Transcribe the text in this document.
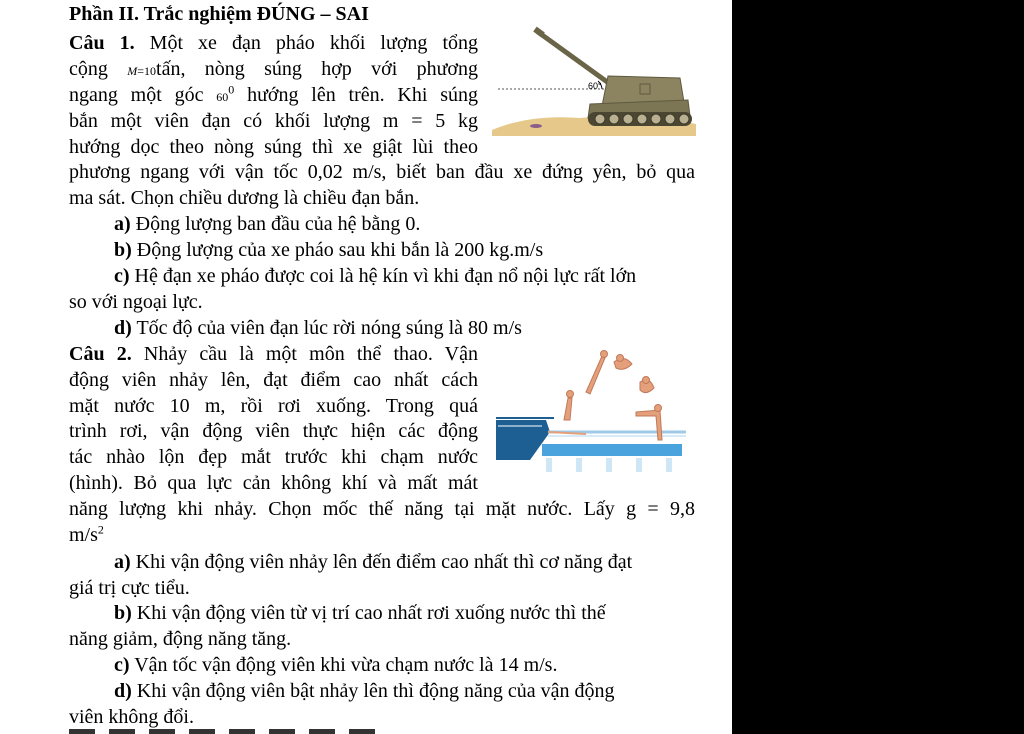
Phần II. Trắc nghiệm ĐÚNG – SAI

Câu 1. Một xe đạn pháo khối lượng tổng

cộng M=10tấn, nòng súng hợp với phương

ngang một góc $60^0$ hướng lên trên. Khi súng

bắn một viên đạn có khối lượng m = 5 kg

hướng dọc theo nòng súng thì xe giật lùi theo

phương ngang với vận tốc 0,02 m/s, biết ban đầu xe đứng yên, bỏ qua

ma sát. Chọn chiều dương là chiều đạn bắn.

a) Động lượng ban đầu của hệ bằng 0.

b) Động lượng của xe pháo sau khi bắn là 200 kg.m/s

c) Hệ đạn xe pháo được coi là hệ kín vì khi đạn nổ nội lực rất lớn

so với ngoại lực.

d) Tốc độ của viên đạn lúc rời nóng súng là 80 m/s

Câu 2. Nhảy cầu là một môn thể thao. Vận

động viên nhảy lên, đạt điểm cao nhất cách

mặt nước 10 m, rồi rơi xuống. Trong quá

trình rơi, vận động viên thực hiện các động

tác nhào lộn đẹp mắt trước khi chạm nước

(hình). Bỏ qua lực cản không khí và mất mát

năng lượng khi nhảy. Chọn mốc thế năng tại mặt nước. Lấy g = 9,8

$m/s^2$

a) Khi vận động viên nhảy lên đến điểm cao nhất thì cơ năng đạt

giá trị cực tiểu.

b) Khi vận động viên từ vị trí cao nhất rơi xuống nước thì thế

năng giảm, động năng tăng.

c) Vận tốc vận động viên khi vừa chạm nước là 14 m/s.

d) Khi vận động viên bật nhảy lên thì động năng của vận động

viên không đổi.

60°
